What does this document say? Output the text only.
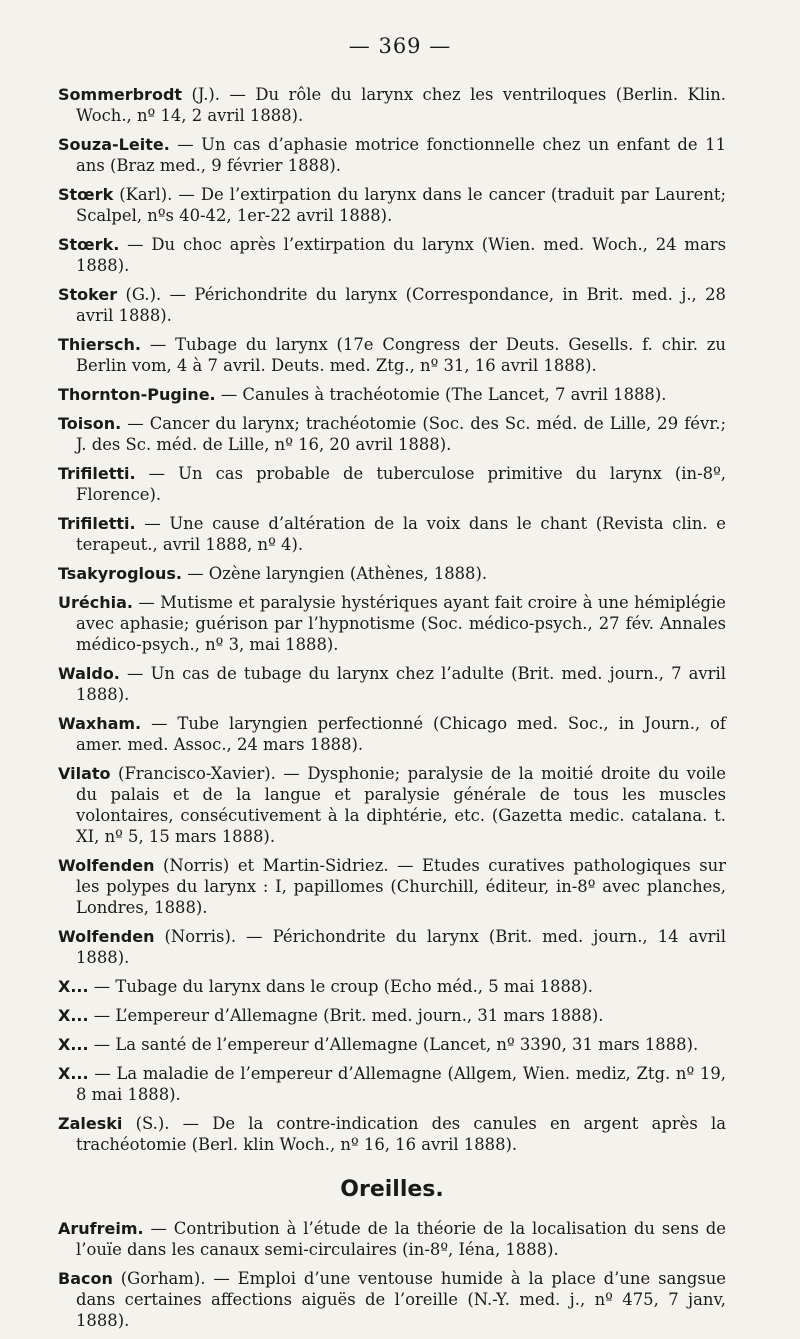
— 369 —

Sommerbrodt (J.). — Du rôle du larynx chez les ventriloques (Berlin. Klin. Woch., nº 14, 2 avril 1888).

Souza-Leite. — Un cas d’aphasie motrice fonctionnelle chez un enfant de 11 ans (Braz med., 9 février 1888).

Stœrk (Karl). — De l’extirpation du larynx dans le cancer (traduit par Laurent; Scalpel, nºs 40-42, 1er-22 avril 1888).

Stœrk. — Du choc après l’extirpation du larynx (Wien. med. Woch., 24 mars 1888).

Stoker (G.). — Périchondrite du larynx (Correspondance, in Brit. med. j., 28 avril 1888).

Thiersch. — Tubage du larynx (17e Congress der Deuts. Gesells. f. chir. zu Berlin vom, 4 à 7 avril. Deuts. med. Ztg., nº 31, 16 avril 1888).

Thornton-Pugine. — Canules à trachéotomie (The Lancet, 7 avril 1888).

Toison. — Cancer du larynx; trachéotomie (Soc. des Sc. méd. de Lille, 29 févr.; J. des Sc. méd. de Lille, nº 16, 20 avril 1888).

Trifiletti. — Un cas probable de tuberculose primitive du larynx (in-8º, Florence).

Trifiletti. — Une cause d’altération de la voix dans le chant (Revista clin. e terapeut., avril 1888, nº 4).

Tsakyroglous. — Ozène laryngien (Athènes, 1888).

Uréchia. — Mutisme et paralysie hystériques ayant fait croire à une hémiplégie avec aphasie; guérison par l’hypnotisme (Soc. médico-psych., 27 fév. Annales médico-psych., nº 3, mai 1888).

Waldo. — Un cas de tubage du larynx chez l’adulte (Brit. med. journ., 7 avril 1888).

Waxham. — Tube laryngien perfectionné (Chicago med. Soc., in Journ., of amer. med. Assoc., 24 mars 1888).

Vilato (Francisco-Xavier). — Dysphonie; paralysie de la moitié droite du voile du palais et de la langue et paralysie générale de tous les muscles volontaires, consécutivement à la diphtérie, etc. (Gazetta medic. catalana. t. XI, nº 5, 15 mars 1888).

Wolfenden (Norris) et Martin-Sidriez. — Etudes curatives pathologiques sur les polypes du larynx : I, papillomes (Churchill, éditeur, in-8º avec planches, Londres, 1888).

Wolfenden (Norris). — Périchondrite du larynx (Brit. med. journ., 14 avril 1888).

X... — Tubage du larynx dans le croup (Echo méd., 5 mai 1888).

X... — L’empereur d’Allemagne (Brit. med. journ., 31 mars 1888).

X... — La santé de l’empereur d’Allemagne (Lancet, nº 3390, 31 mars 1888).

X... — La maladie de l’empereur d’Allemagne (Allgem, Wien. mediz, Ztg. nº 19, 8 mai 1888).

Zaleski (S.). — De la contre-indication des canules en argent après la trachéotomie (Berl. klin Woch., nº 16, 16 avril 1888).

Oreilles.

Arufreim. — Contribution à l’étude de la théorie de la localisation du sens de l’ouïe dans les canaux semi-circulaires (in-8º, Iéna, 1888).

Bacon (Gorham). — Emploi d’une ventouse humide à la place d’une sangsue dans certaines affections aiguës de l’oreille (N.-Y. med. j., nº 475, 7 janv, 1888).
